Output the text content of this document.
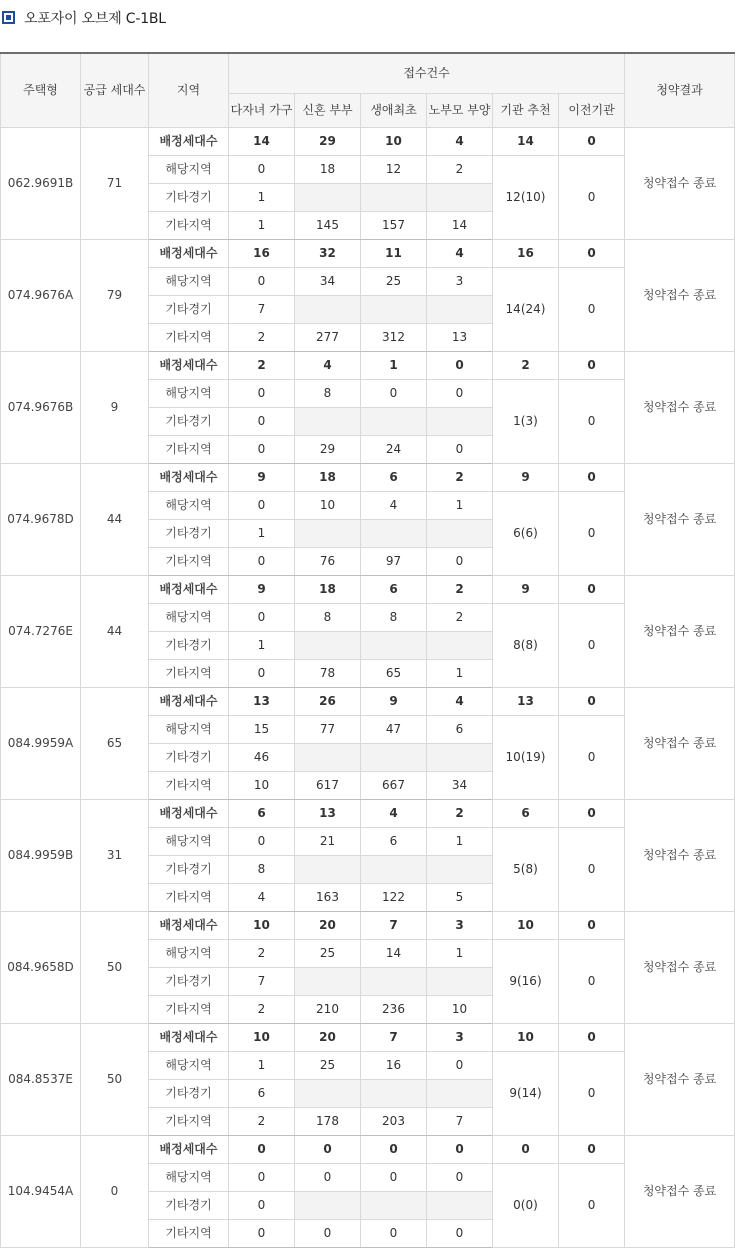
오포자이 오브제 C-1BL
주택형	공급 세대수	지역	접수건수						청약결과
			다자녀 가구	신혼 부부	생애최초	노부모 부양	기관 추천	이전기관	
062.9691B	71	배정세대수	14	29	10	4	14	0	청약접수 종료
		해당지역	0	18	12	2	12(10)	0	
		기타경기	1						
		기타지역	1	145	157	14			
074.9676A	79	배정세대수	16	32	11	4	16	0	청약접수 종료
		해당지역	0	34	25	3	14(24)	0	
		기타경기	7						
		기타지역	2	277	312	13			
074.9676B	9	배정세대수	2	4	1	0	2	0	청약접수 종료
		해당지역	0	8	0	0	1(3)	0	
		기타경기	0						
		기타지역	0	29	24	0			
074.9678D	44	배정세대수	9	18	6	2	9	0	청약접수 종료
		해당지역	0	10	4	1	6(6)	0	
		기타경기	1						
		기타지역	0	76	97	0			
074.7276E	44	배정세대수	9	18	6	2	9	0	청약접수 종료
		해당지역	0	8	8	2	8(8)	0	
		기타경기	1						
		기타지역	0	78	65	1			
084.9959A	65	배정세대수	13	26	9	4	13	0	청약접수 종료
		해당지역	15	77	47	6	10(19)	0	
		기타경기	46						
		기타지역	10	617	667	34			
084.9959B	31	배정세대수	6	13	4	2	6	0	청약접수 종료
		해당지역	0	21	6	1	5(8)	0	
		기타경기	8						
		기타지역	4	163	122	5			
084.9658D	50	배정세대수	10	20	7	3	10	0	청약접수 종료
		해당지역	2	25	14	1	9(16)	0	
		기타경기	7						
		기타지역	2	210	236	10			
084.8537E	50	배정세대수	10	20	7	3	10	0	청약접수 종료
		해당지역	1	25	16	0	9(14)	0	
		기타경기	6						
		기타지역	2	178	203	7			
104.9454A	0	배정세대수	0	0	0	0	0	0	청약접수 종료
		해당지역	0	0	0	0	0(0)	0	
		기타경기	0						
		기타지역	0	0	0	0			
